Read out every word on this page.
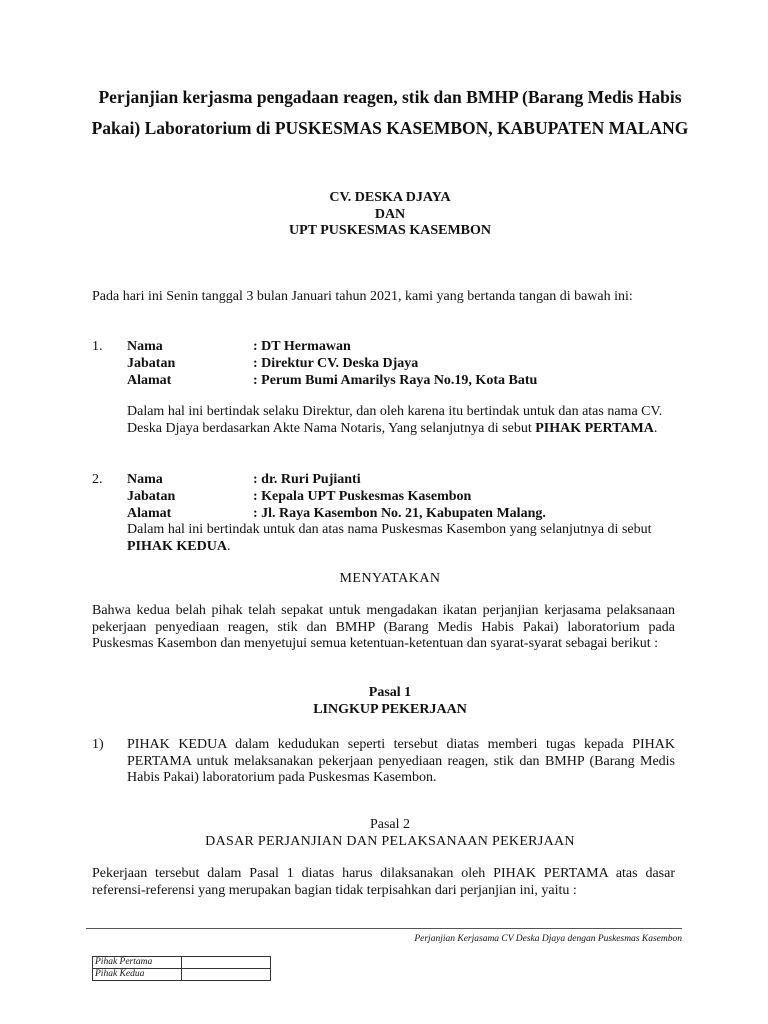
Perjanjian kerjasma pengadaan reagen, stik dan BMHP (Barang Medis Habis Pakai) Laboratorium di PUSKESMAS KASEMBON, KABUPATEN MALANG
CV. DESKA DJAYA
DAN
UPT PUSKESMAS KASEMBON
Pada hari ini Senin tanggal 3 bulan Januari tahun 2021, kami yang bertanda tangan di bawah ini:
1. Nama	: DT Hermawan
Jabatan	: Direktur CV. Deska Djaya
Alamat	: Perum Bumi Amarilys Raya No.19, Kota Batu
Dalam hal ini bertindak selaku Direktur, dan oleh karena itu bertindak untuk dan atas nama CV. Deska Djaya berdasarkan Akte Nama Notaris, Yang selanjutnya di sebut PIHAK PERTAMA.
2. Nama	: dr. Ruri Pujianti
Jabatan	: Kepala UPT Puskesmas Kasembon
Alamat	: Jl. Raya Kasembon No. 21, Kabupaten Malang.
Dalam hal ini bertindak untuk dan atas nama Puskesmas Kasembon yang selanjutnya di sebut PIHAK KEDUA.
MENYATAKAN
Bahwa kedua belah pihak telah sepakat untuk mengadakan ikatan perjanjian kerjasama pelaksanaan pekerjaan penyediaan reagen, stik dan BMHP (Barang Medis Habis Pakai) laboratorium pada Puskesmas Kasembon dan menyetujui semua ketentuan-ketentuan dan syarat-syarat sebagai berikut :
Pasal 1
LINGKUP PEKERJAAN
1) PIHAK KEDUA dalam kedudukan seperti tersebut diatas memberi tugas kepada PIHAK PERTAMA untuk melaksanakan pekerjaan penyediaan reagen, stik dan BMHP (Barang Medis Habis Pakai) laboratorium pada Puskesmas Kasembon.
Pasal 2
DASAR PERJANJIAN DAN PELAKSANAAN PEKERJAAN
Pekerjaan tersebut dalam Pasal 1 diatas harus dilaksanakan oleh PIHAK PERTAMA atas dasar referensi-referensi yang merupakan bagian tidak terpisahkan dari perjanjian ini, yaitu :
Perjanjian Kerjasama CV Deska Djaya dengan Puskesmas Kasembon
Pihak Pertama	
Pihak Kedua	
